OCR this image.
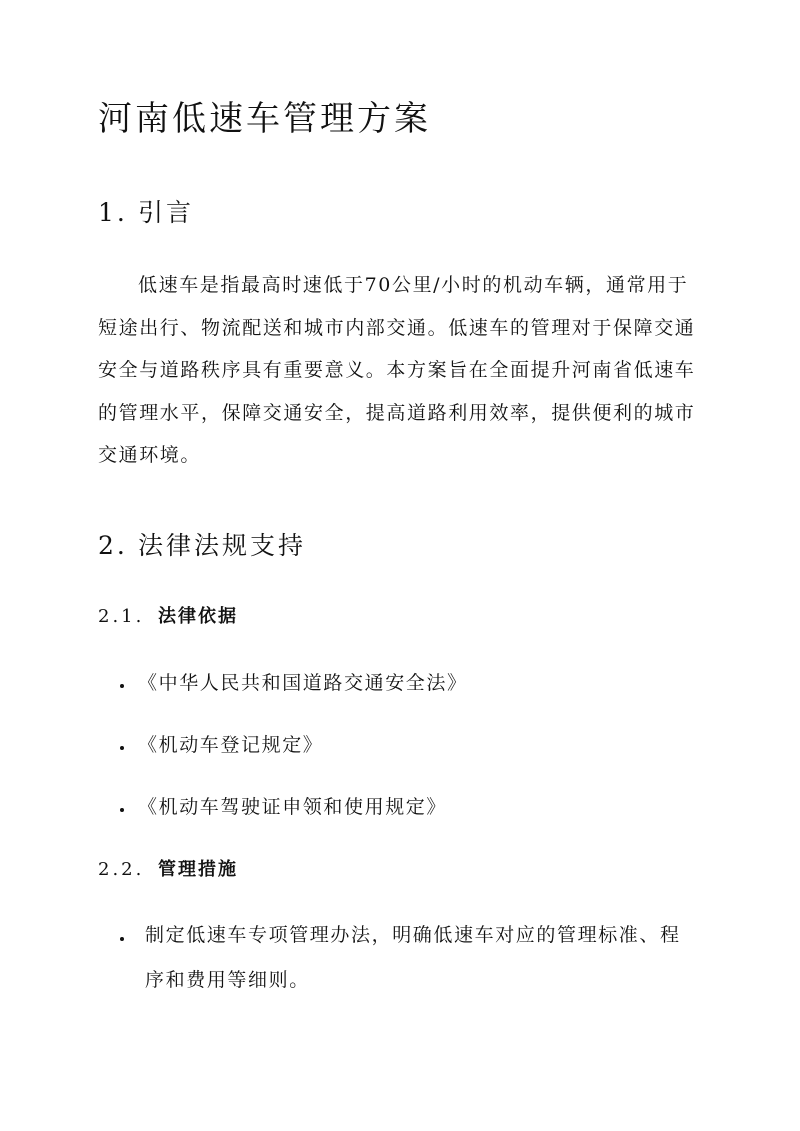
河南低速车管理方案
1. 引言
低速车是指最高时速低于70公里/小时的机动车辆，通常用于
短途出行、物流配送和城市内部交通。低速车的管理对于保障交通
安全与道路秩序具有重要意义。本方案旨在全面提升河南省低速车
的管理水平，保障交通安全，提高道路利用效率，提供便利的城市
交通环境。
2. 法律法规支持
2.1. 法律依据
《中华人民共和国道路交通安全法》
《机动车登记规定》
《机动车驾驶证申领和使用规定》
2.2. 管理措施
制定低速车专项管理办法，明确低速车对应的管理标准、程
序和费用等细则。
